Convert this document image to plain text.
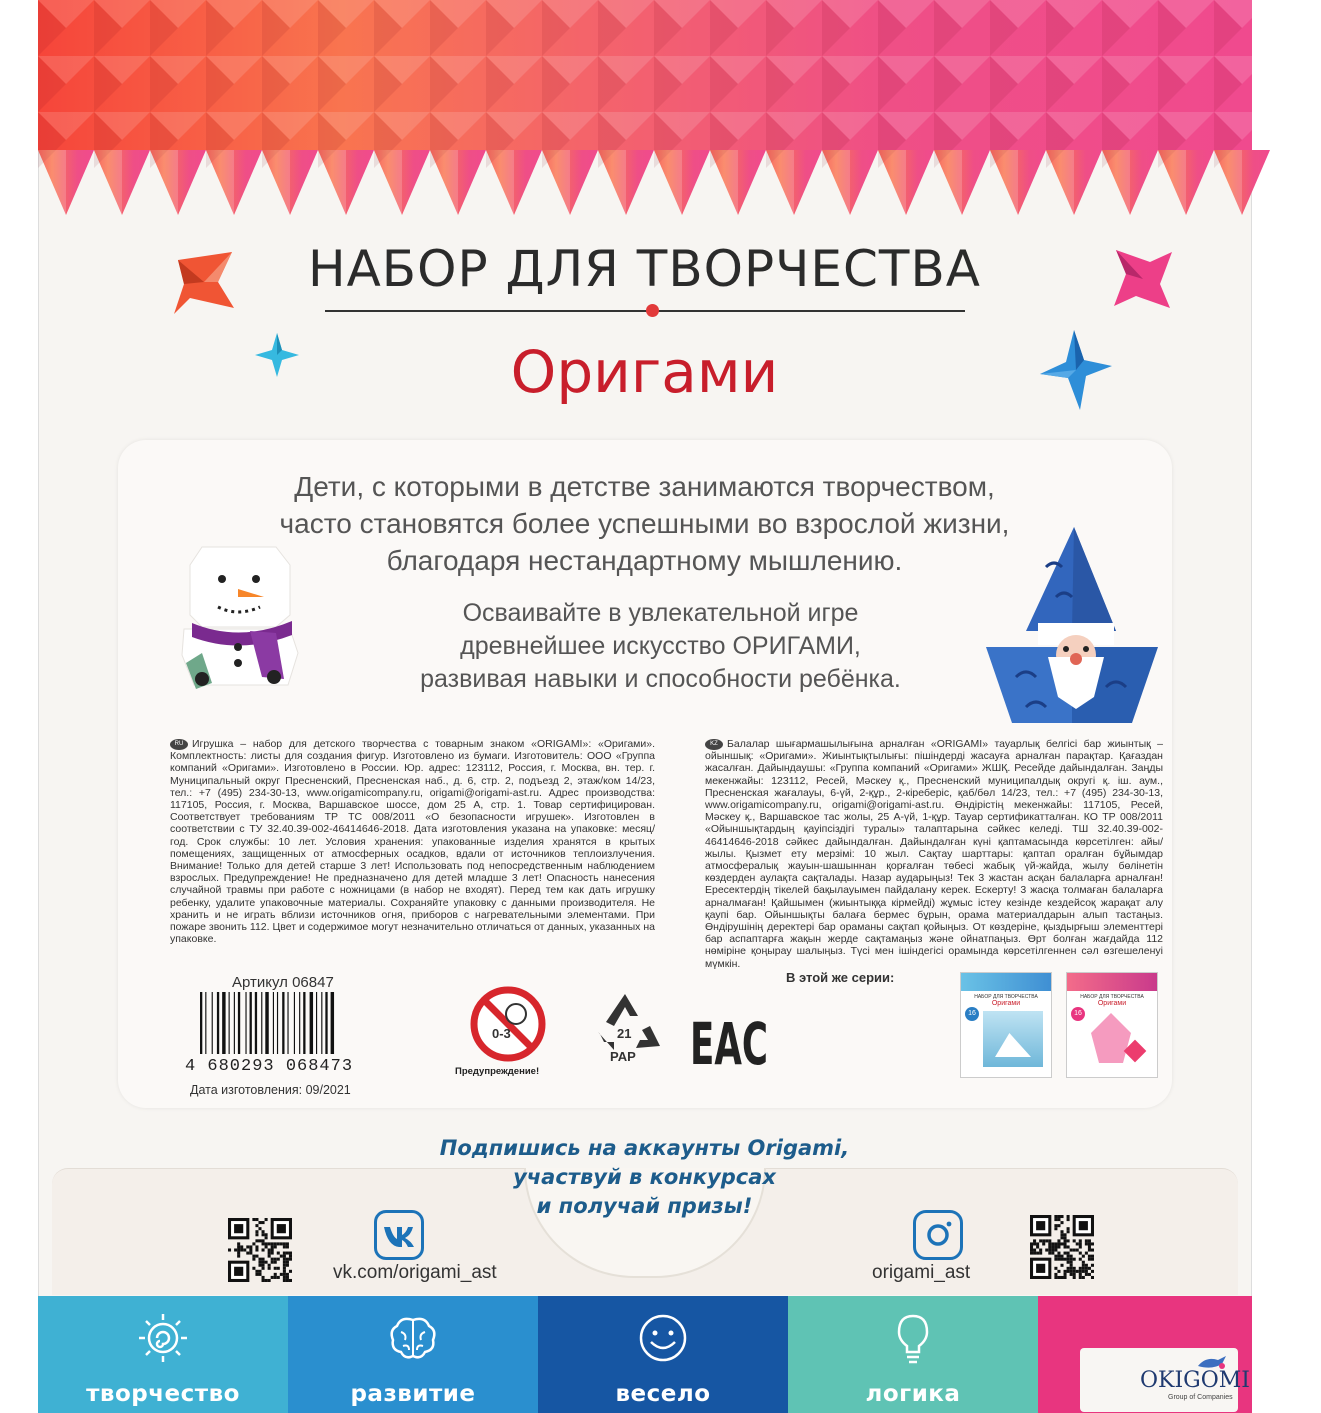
НАБОР ДЛЯ ТВОРЧЕСТВА
Оригами
Дети, с которыми в детстве занимаются творчеством,
часто становятся более успешными во взрослой жизни,
благодаря нестандартному мышлению.
Осваивайте в увлекательной игре
древнейшее искусство ОРИГАМИ,
развивая навыки и способности ребёнка.
RU Игрушка – набор для детского творчества с товарным знаком «ORIGAMI»: «Оригами». Комплектность: листы для создания фигур. Изготовлено из бумаги. Изготовитель: ООО «Группа компаний «Оригами». Изготовлено в России. Юр. адрес: 123112, Россия, г. Москва, вн. тер. г. Муниципальный округ Пресненский, Пресненская наб., д. 6, стр. 2, подъезд 2, этаж/ком 14/23, тел.: +7 (495) 234-30-13, www.origamicompany.ru, origami@origami-ast.ru. Адрес производства: 117105, Россия, г. Москва, Варшавское шоссе, дом 25 А, стр. 1. Товар сертифицирован. Соответствует требованиям ТР ТС 008/2011 «О безопасности игрушек». Изготовлен в соответствии с ТУ 32.40.39-002-46414646-2018. Дата изготовления указана на упаковке: месяц/год. Срок службы: 10 лет. Условия хранения: упакованные изделия хранятся в крытых помещениях, защищенных от атмосферных осадков, вдали от источников теплоизлучения. Внимание! Только для детей старше 3 лет! Использовать под непосредственным наблюдением взрослых. Предупреждение! Не предназначено для детей младше 3 лет! Опасность нанесения случайной травмы при работе с ножницами (в набор не входят). Перед тем как дать игрушку ребенку, удалите упаковочные материалы. Сохраняйте упаковку с данными производителя. Не хранить и не играть вблизи источников огня, приборов с нагревательными элементами. При пожаре звонить 112. Цвет и содержимое могут незначительно отличаться от данных, указанных на упаковке.
KZ Балалар шығармашылығына арналған «ORIGAMI» тауарлық белгісі бар жиынтық – ойыншық: «Оригами». Жиынтықтылығы: пішіндерді жасауға арналған парақтар. Қағаздан жасалған. Дайындаушы: «Группа компаний «Оригами» ЖШҚ. Ресейде дайындалған. Заңды мекенжайы: 123112, Ресей, Мәскеу қ., Пресненский муниципалдық округі қ. іш. аум., Пресненская жағалауы, 6-үй, 2-құр., 2-кіреберіс, қаб/бөл 14/23, тел.: +7 (495) 234-30-13, www.origamicompany.ru, origami@origami-ast.ru. Өндірістің мекенжайы: 117105, Ресей, Мәскеу қ., Варшавское тас жолы, 25 А-үй, 1-құр. Тауар сертификатталған. КО ТР 008/2011 «Ойыншықтардың қауіпсіздігі туралы» талаптарына сәйкес келеді. ТШ 32.40.39-002-46414646-2018 сәйкес дайындалған. Дайындалған күні қаптамасында көрсетілген: айы/жылы. Қызмет ету мерзімі: 10 жыл. Сақтау шарттары: қаптап оралған бұйымдар атмосфералық жауын-шашыннан қорғалған төбесі жабық үй-жайда, жылу бөлінетін көздерден аулақта сақталады. Назар аударыңыз! Тек 3 жастан асқан балаларға арналған! Ересектердің тікелей бақылауымен пайдалану керек. Ескерту! 3 жасқа толмаған балаларға арналмаған! Қайшымен (жиынтыққа кірмейді) жұмыс істеу кезінде кездейсоқ жарақат алу қаупі бар. Ойыншықты балаға бермес бұрын, орама материалдарын алып тастаңыз. Өндірушінің деректері бар ораманы сақтап қойыңыз. От көздеріне, қыздырғыш элементтері бар аспаптарға жақын жерде сақтамаңыз және ойнатпаңыз. Өрт болған жағдайда 112 нөміріне қоңырау шалыңыз. Түсі мен ішіндегісі орамында көрсетілгеннен сәл өзгешеленуі мүмкін.
Артикул 06847
4 680293 068473
Дата изготовления: 09/2021
0-3
Предупреждение!
21
PAP EAC
В этой же серии:
НАБОР ДЛЯ ТВОРЧЕСТВА
Оригами
16
НАБОР ДЛЯ ТВОРЧЕСТВА
Оригами
16
Подпишись на аккаунты Origami,
участвуй в конкурсах
и получай призы!
vk.com/origami_ast	origami_ast
творчество	развитие	весело	логика
OKIGOMI
Group of Companies
